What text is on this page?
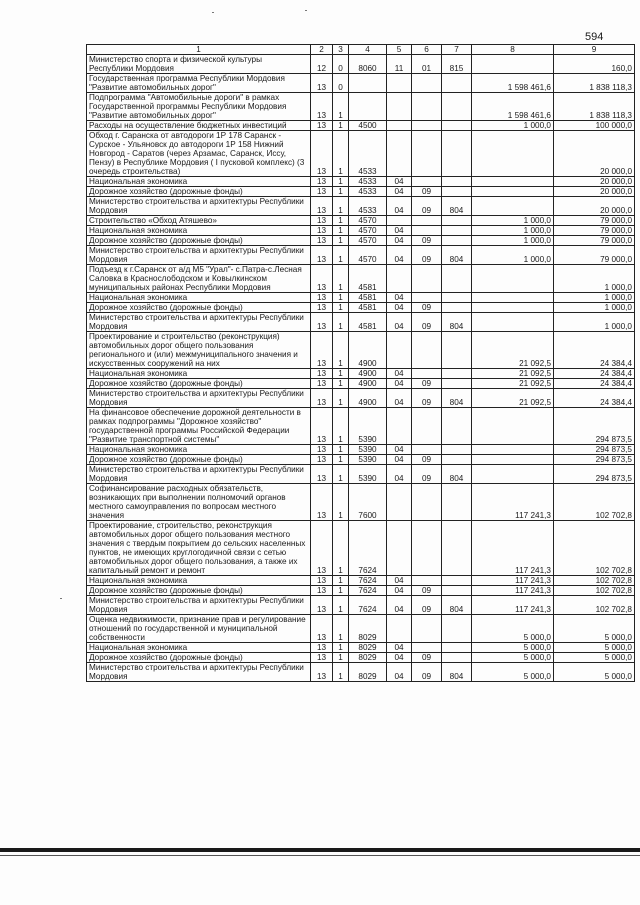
594
1	2	3	4	5	6	7	8	9
Министерство спорта и физической культуры Республики Мордовия	12	0	8060	11	01	815		160,0
Государственная программа Республики Мордовия "Развитие автомобильных дорог"	13	0					1 598 461,6	1 838 118,3
Подпрограмма "Автомобильные дороги" в рамках Государственной программы Республики Мордовия "Развитие автомобильных дорог"	13	1					1 598 461,6	1 838 118,3
Расходы на осуществление бюджетных инвестиций	13	1	4500				1 000,0	100 000,0
Обход г. Саранска от автодороги 1Р 178 Саранск - Сурское - Ульяновск до автодороги 1Р 158 Нижний Новгород - Саратов (через Арзамас, Саранск, Иссу, Пензу) в Республике Мордовия ( I пусковой комплекс) (3 очередь строительства)	13	1	4533					20 000,0
Национальная экономика	13	1	4533	04				20 000,0
Дорожное хозяйство (дорожные фонды)	13	1	4533	04	09			20 000,0
Министерство строительства и архитектуры Республики Мордовия	13	1	4533	04	09	804		20 000,0
Строительство «Обход Атяшево»	13	1	4570				1 000,0	79 000,0
Национальная экономика	13	1	4570	04			1 000,0	79 000,0
Дорожное хозяйство (дорожные фонды)	13	1	4570	04	09		1 000,0	79 000,0
Министерство строительства и архитектуры Республики Мордовия	13	1	4570	04	09	804	1 000,0	79 000,0
Подъезд к г.Саранск от а/д М5 "Урал"- с.Патра-с.Лесная Саловка в Краснослободском и Ковылкинском муниципальных районах Республики Мордовия	13	1	4581					1 000,0
Национальная экономика	13	1	4581	04				1 000,0
Дорожное хозяйство (дорожные фонды)	13	1	4581	04	09			1 000,0
Министерство строительства и архитектуры Республики Мордовия	13	1	4581	04	09	804		1 000,0
Проектирование и строительство (реконструкция) автомобильных дорог общего пользования регионального и (или) межмуниципального значения и искусственных сооружений на них	13	1	4900				21 092,5	24 384,4
Национальная экономика	13	1	4900	04			21 092,5	24 384,4
Дорожное хозяйство (дорожные фонды)	13	1	4900	04	09		21 092,5	24 384,4
Министерство строительства и архитектуры Республики Мордовия	13	1	4900	04	09	804	21 092,5	24 384,4
На финансовое обеспечение дорожной деятельности в рамках подпрограммы "Дорожное хозяйство" государственной программы Российской Федерации "Развитие транспортной системы"	13	1	5390					294 873,5
Национальная экономика	13	1	5390	04				294 873,5
Дорожное хозяйство (дорожные фонды)	13	1	5390	04	09			294 873,5
Министерство строительства и архитектуры Республики Мордовия	13	1	5390	04	09	804		294 873,5
Софинансирование расходных обязательств, возникающих при выполнении полномочий органов местного самоуправления по вопросам местного значения	13	1	7600				117 241,3	102 702,8
Проектирование, строительство, реконструкция автомобильных дорог общего пользования местного значения с твердым покрытием до сельских населенных пунктов, не имеющих круглогодичной связи с сетью автомобильных дорог общего пользования, а также их капитальный ремонт и ремонт	13	1	7624				117 241,3	102 702,8
Национальная экономика	13	1	7624	04			117 241,3	102 702,8
Дорожное хозяйство (дорожные фонды)	13	1	7624	04	09		117 241,3	102 702,8
Министерство строительства и архитектуры Республики Мордовия	13	1	7624	04	09	804	117 241,3	102 702,8
Оценка недвижимости, признание прав и регулирование отношений по государственной и муниципальной собственности	13	1	8029				5 000,0	5 000,0
Национальная экономика	13	1	8029	04			5 000,0	5 000,0
Дорожное хозяйство (дорожные фонды)	13	1	8029	04	09		5 000,0	5 000,0
Министерство строительства и архитектуры Республики Мордовия	13	1	8029	04	09	804	5 000,0	5 000,0
